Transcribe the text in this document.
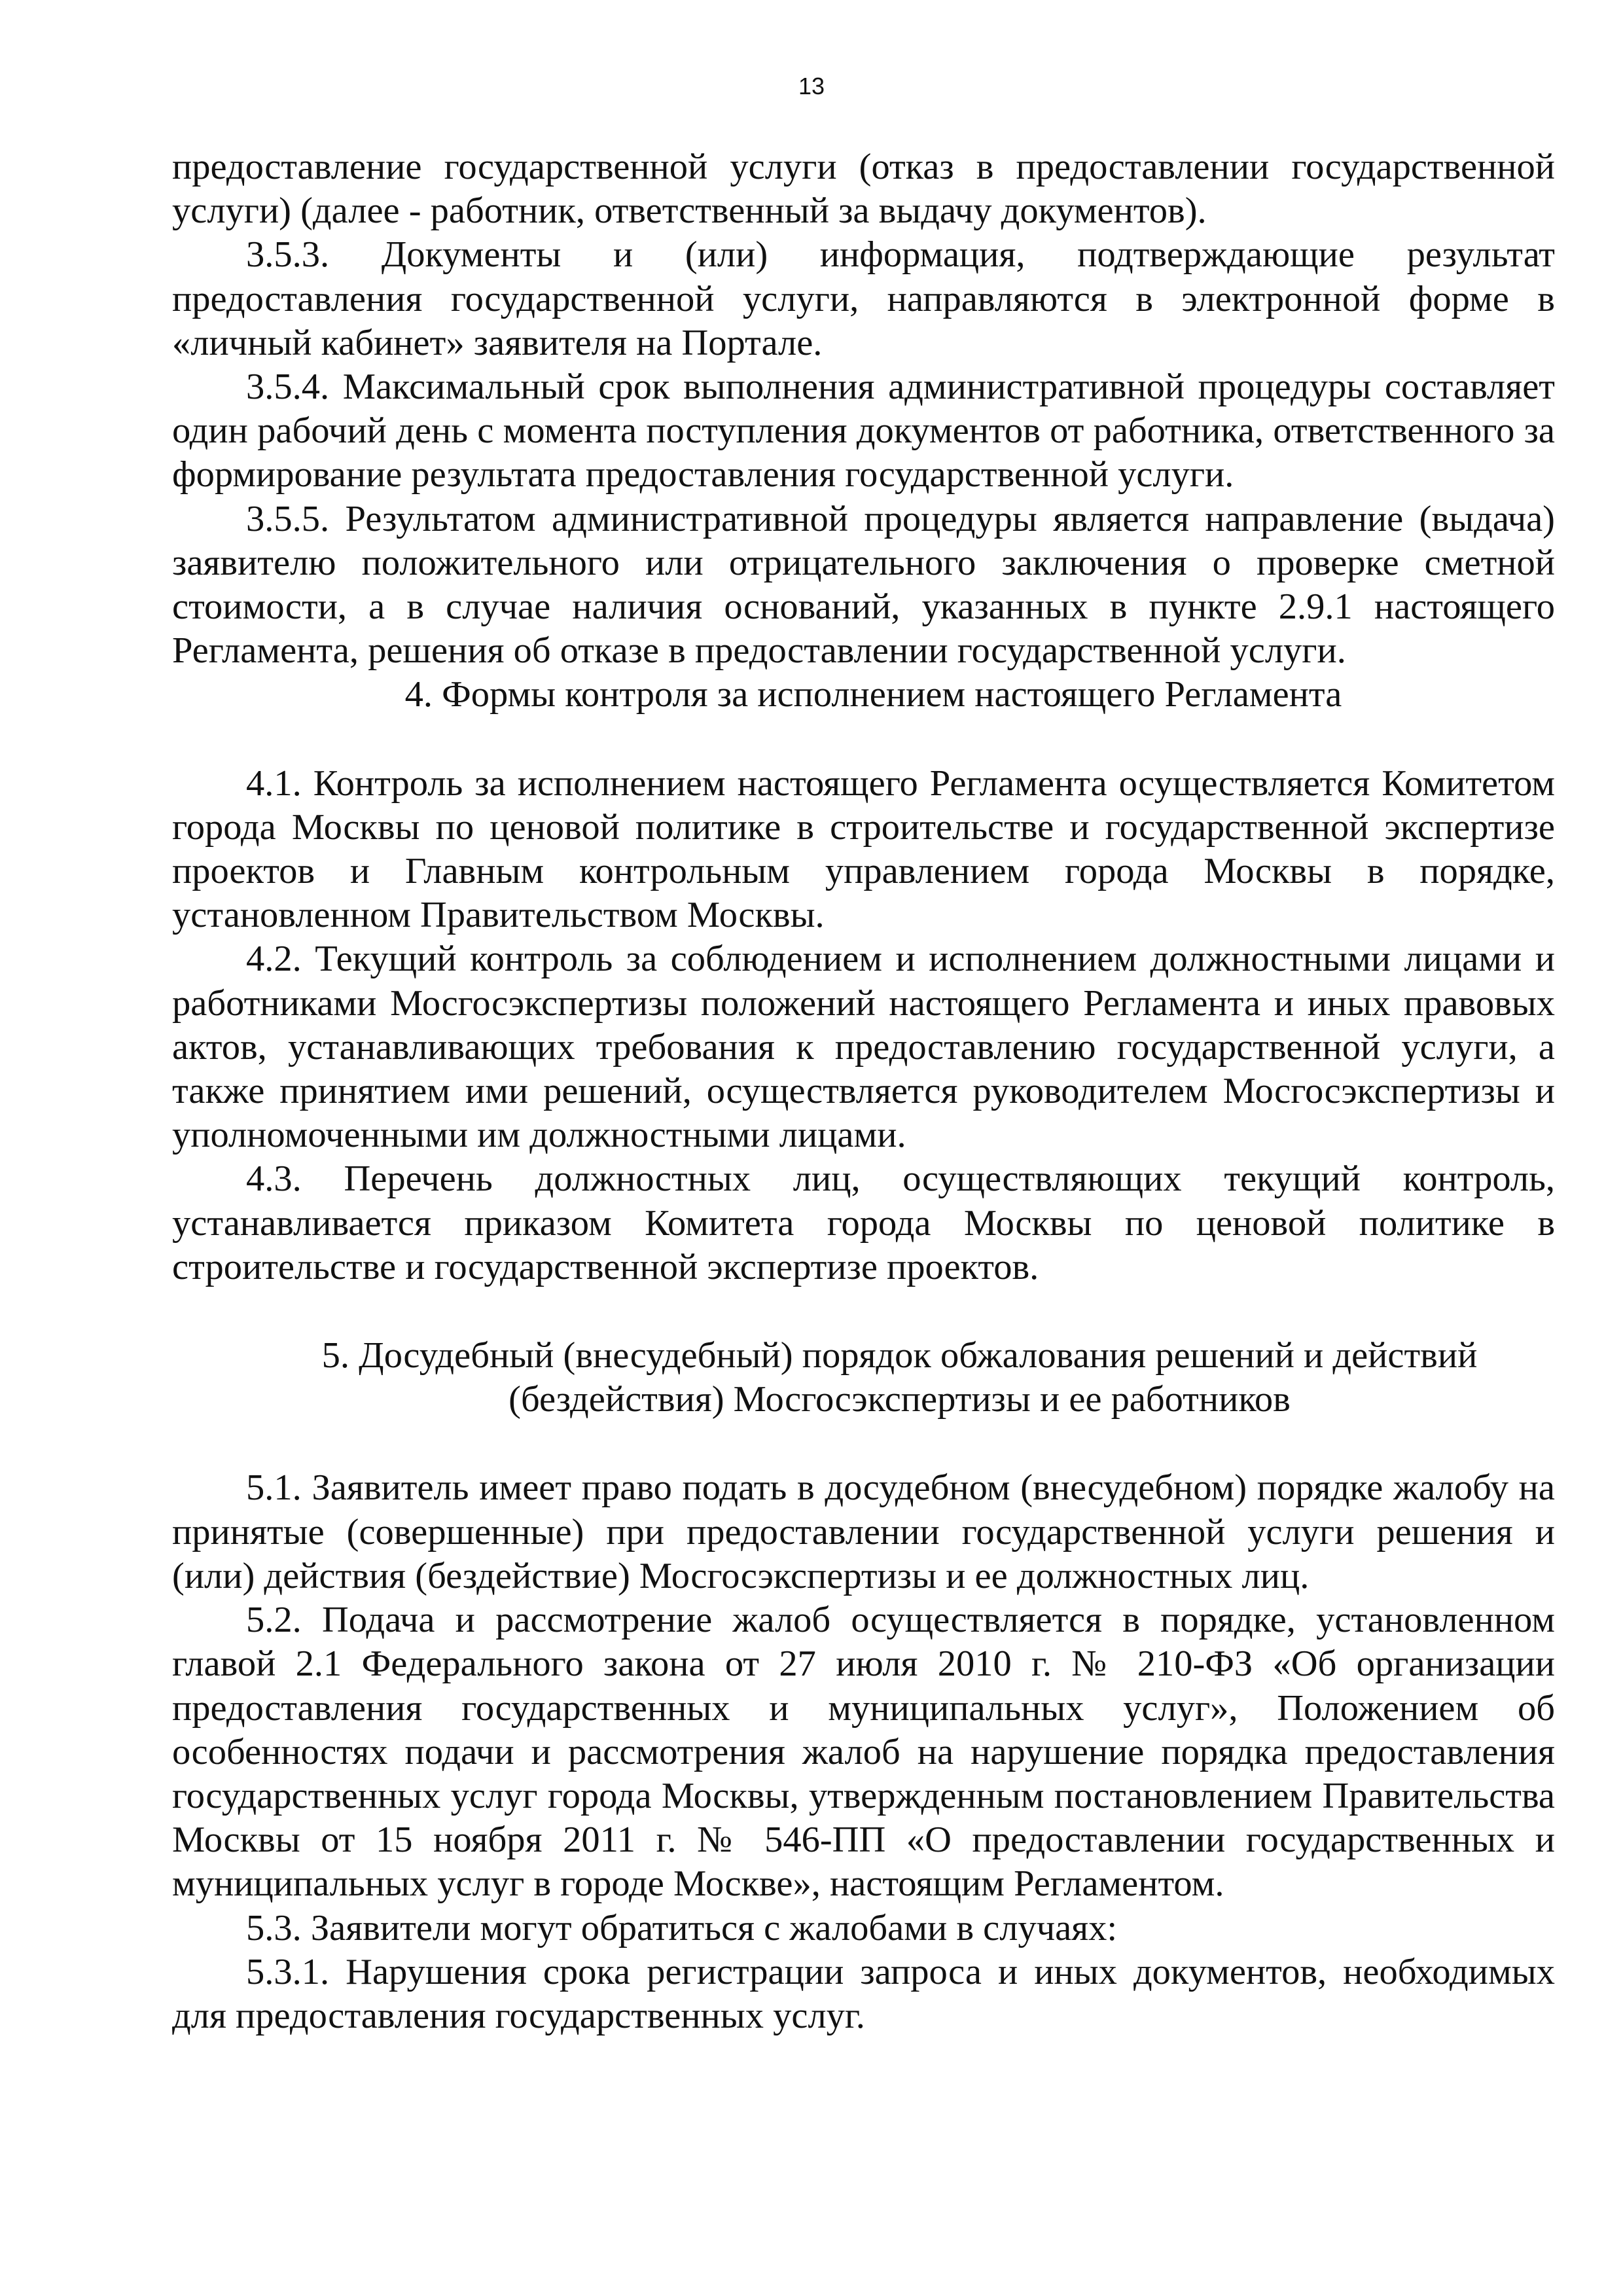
13

предоставление государственной услуги (отказ в предоставлении государственной услуги) (далее - работник, ответственный за выдачу документов).

3.5.3. Документы и (или) информация, подтверждающие результат предоставления государственной услуги, направляются в электронной форме в «личный кабинет» заявителя на Портале.

3.5.4. Максимальный срок выполнения административной процедуры составляет один рабочий день с момента поступления документов от работника, ответственного за формирование результата предоставления государственной услуги.

3.5.5. Результатом административной процедуры является направление (выдача) заявителю положительного или отрицательного заключения о проверке сметной стоимости, а в случае наличия оснований, указанных в пункте 2.9.1 настоящего Регламента, решения об отказе в предоставлении государственной услуги.

4. Формы контроля за исполнением настоящего Регламента

4.1. Контроль за исполнением настоящего Регламента осуществляется Комитетом города Москвы по ценовой политике в строительстве и государственной экспертизе проектов и Главным контрольным управлением города Москвы в порядке, установленном Правительством Москвы.

4.2. Текущий контроль за соблюдением и исполнением должностными лицами и работниками Мосгосэкспертизы положений настоящего Регламента и иных правовых актов, устанавливающих требования к предоставлению государственной услуги, а также принятием ими решений, осуществляется руководителем Мосгосэкспертизы и уполномоченными им должностными лицами.

4.3. Перечень должностных лиц, осуществляющих текущий контроль, устанавливается приказом Комитета города Москвы по ценовой политике в строительстве и государственной экспертизе проектов.

5. Досудебный (внесудебный) порядок обжалования решений и действий
(бездействия) Мосгосэкспертизы и ее работников

5.1. Заявитель имеет право подать в досудебном (внесудебном) порядке жалобу на принятые (совершенные) при предоставлении государственной услуги решения и (или) действия (бездействие) Мосгосэкспертизы и ее должностных лиц.

5.2. Подача и рассмотрение жалоб осуществляется в порядке, установленном главой 2.1 Федерального закона от 27 июля 2010 г. № 210-ФЗ «Об организации предоставления государственных и муниципальных услуг», Положением об особенностях подачи и рассмотрения жалоб на нарушение порядка предоставления государственных услуг города Москвы, утвержденным постановлением Правительства Москвы от 15 ноября 2011 г. № 546-ПП «О предоставлении государственных и муниципальных услуг в городе Москве», настоящим Регламентом.

5.3. Заявители могут обратиться с жалобами в случаях:

5.3.1. Нарушения срока регистрации запроса и иных документов, необходимых для предоставления государственных услуг.
